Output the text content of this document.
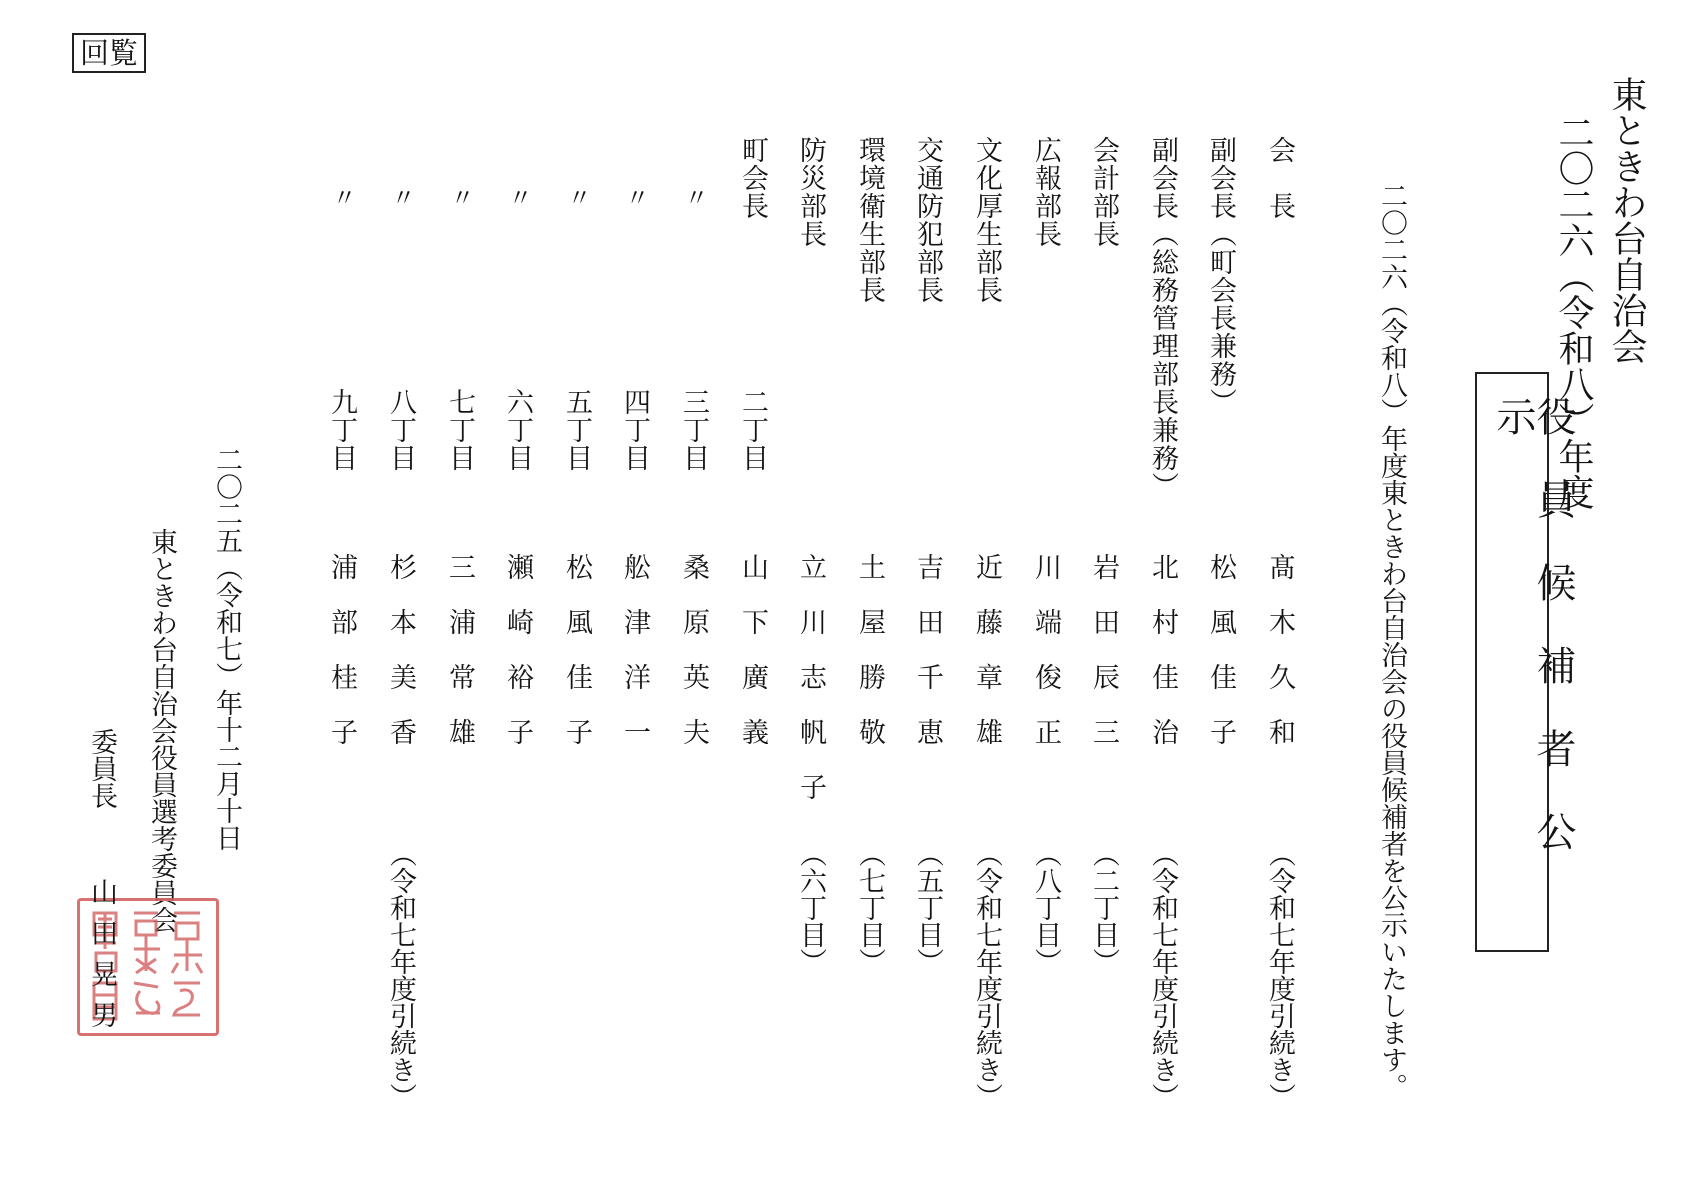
回覧
東ときわ台自治会
二〇二六（令和八）年度
役員候補者公示
二〇二六（令和八）年度東ときわ台自治会の役員候補者を公示いたします。
会　長
髙木久和
（令和七年度引続き）
副会長（町会長兼務）
松風佳子
副会長（総務管理部長兼務）
北村佳治
（令和七年度引続き）
会計部長
岩田辰三
（二丁目）
広報部長
川端俊正
（八丁目）
文化厚生部長
近藤章雄
（令和七年度引続き）
交通防犯部長
吉田千恵
（五丁目）
環境衛生部長
土屋勝敬
（七丁目）
防災部長
立川志帆子
（六丁目）
町会長
二丁目
山下廣義
〃
三丁目
桑原英夫
〃
四丁目
舩津洋一
〃
五丁目
松風佳子
〃
六丁目
瀬崎裕子
〃
七丁目
三浦常雄
〃
八丁目
杉本美香
（令和七年度引続き）
〃
九丁目
浦部桂子
二〇二五（令和七）年十二月十日
東ときわ台自治会役員選考委員会
委員長
山田晃男
